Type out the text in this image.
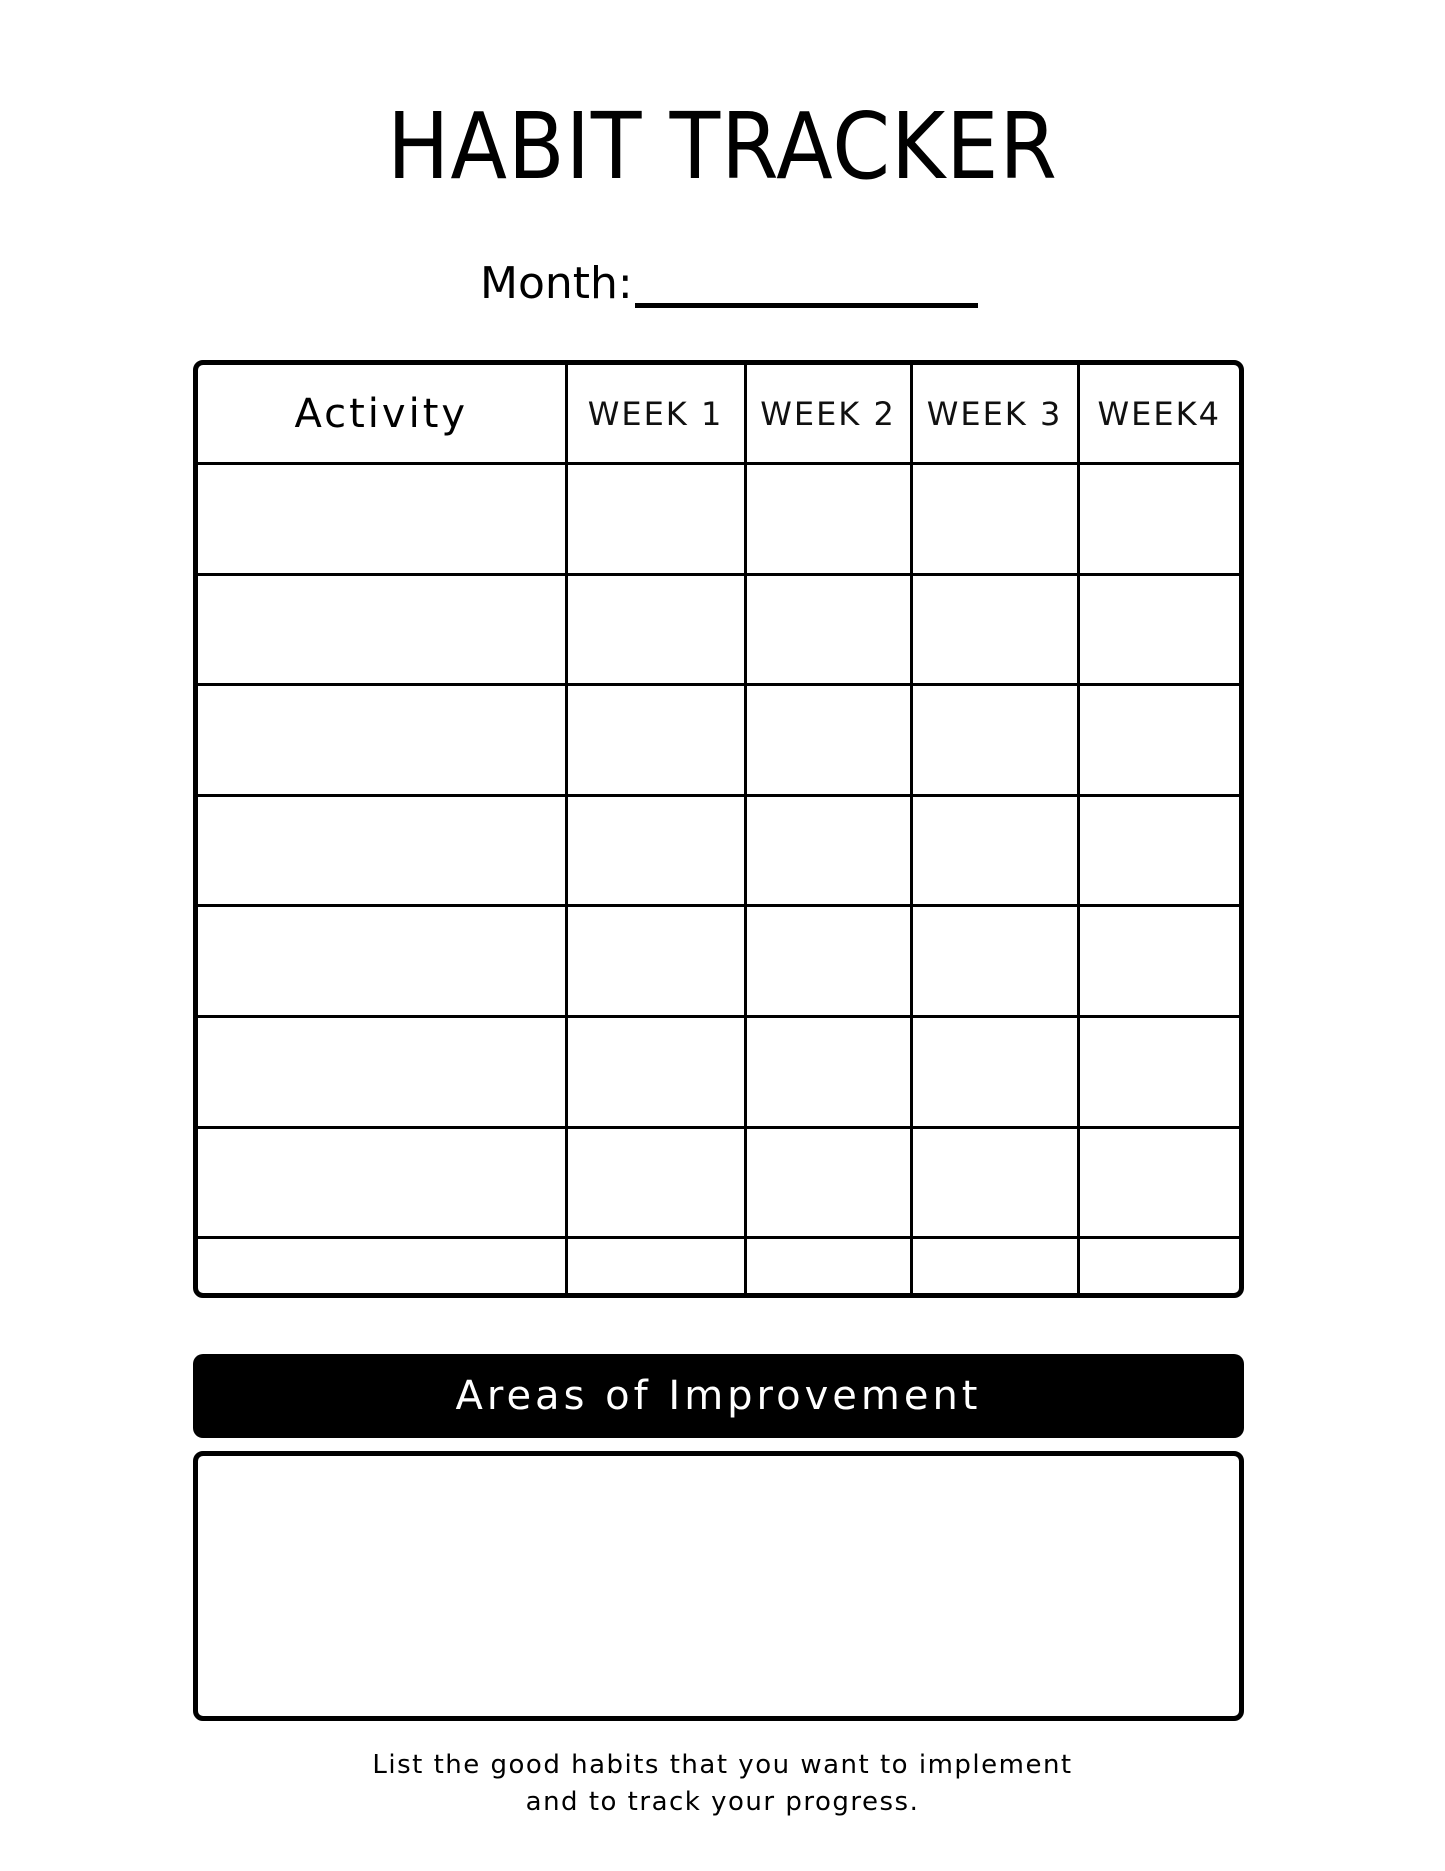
HABIT TRACKER
Month:
Activity	WEEK 1	WEEK 2	WEEK 3	WEEK4

Areas of Improvement
List the good habits that you want to implement
and to track your progress.
